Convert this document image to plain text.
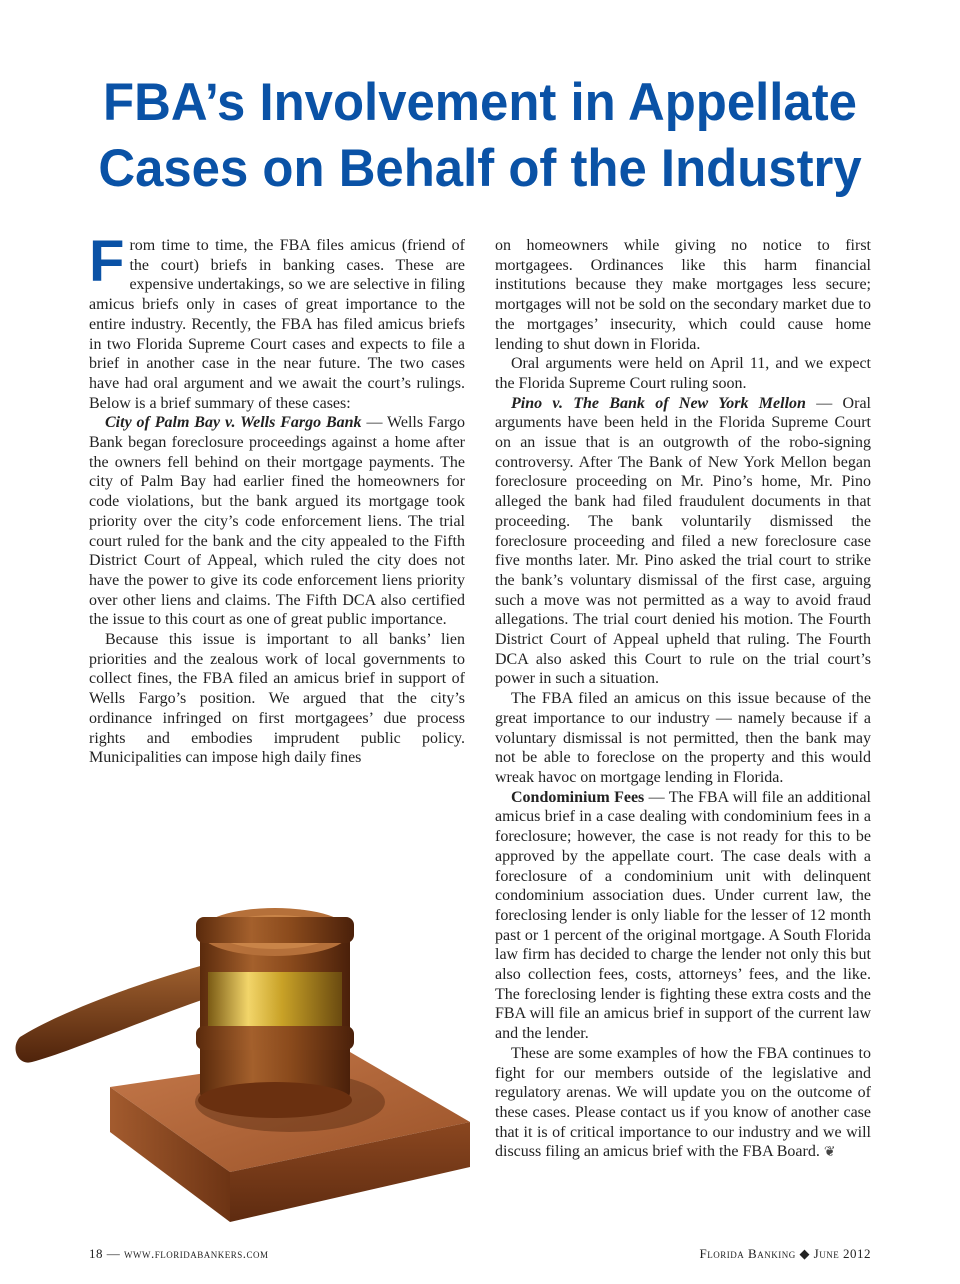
FBA’s Involvement in Appellate
Cases on Behalf of the Industry

From time to time, the FBA files amicus (friend of the court) briefs in banking cases. These are expensive undertakings, so we are selective in filing amicus briefs only in cases of great importance to the entire industry. Recently, the FBA has filed amicus briefs in two Florida Supreme Court cases and expects to file a brief in another case in the near future. The two cases have had oral argument and we await the court’s rulings. Below is a brief summary of these cases:

City of Palm Bay v. Wells Fargo Bank — Wells Fargo Bank began foreclosure proceedings against a home after the owners fell behind on their mortgage payments. The city of Palm Bay had earlier fined the homeowners for code violations, but the bank argued its mortgage took priority over the city’s code enforcement liens. The trial court ruled for the bank and the city appealed to the Fifth District Court of Appeal, which ruled the city does not have the power to give its code enforcement liens priority over other liens and claims. The Fifth DCA also certified the issue to this court as one of great public importance.

Because this issue is important to all banks’ lien priorities and the zealous work of local governments to collect fines, the FBA filed an amicus brief in support of Wells Fargo’s position. We argued that the city’s ordinance infringed on first mortgagees’ due process rights and embodies imprudent public policy. Municipalities can impose high daily fines

on homeowners while giving no notice to first mortgagees. Ordinances like this harm financial institutions because they make mortgages less secure; mortgages will not be sold on the secondary market due to the mortgages’ insecurity, which could cause home lending to shut down in Florida.

Oral arguments were held on April 11, and we expect the Florida Supreme Court ruling soon.

Pino v. The Bank of New York Mellon — Oral arguments have been held in the Florida Supreme Court on an issue that is an outgrowth of the robo-signing controversy. After The Bank of New York Mellon began foreclosure proceeding on Mr. Pino’s home, Mr. Pino alleged the bank had filed fraudulent documents in that proceeding. The bank voluntarily dismissed the foreclosure proceeding and filed a new foreclosure case five months later. Mr. Pino asked the trial court to strike the bank’s voluntary dismissal of the first case, arguing such a move was not permitted as a way to avoid fraud allegations. The trial court denied his motion. The Fourth District Court of Appeal upheld that ruling. The Fourth DCA also asked this Court to rule on the trial court’s power in such a situation.

The FBA filed an amicus on this issue because of the great importance to our industry — namely because if a voluntary dismissal is not permitted, then the bank may not be able to foreclose on the property and this would wreak havoc on mortgage lending in Florida.

Condominium Fees — The FBA will file an additional amicus brief in a case dealing with condominium fees in a foreclosure; however, the case is not ready for this to be approved by the appellate court. The case deals with a foreclosure of a condominium unit with delinquent condominium association dues. Under current law, the foreclosing lender is only liable for the lesser of 12 month past or 1 percent of the original mortgage. A South Florida law firm has decided to charge the lender not only this but also collection fees, costs, attorneys’ fees, and the like. The foreclosing lender is fighting these extra costs and the FBA will file an amicus brief in support of the current law and the lender.

These are some examples of how the FBA continues to fight for our members outside of the legislative and regulatory arenas. We will update you on the outcome of these cases. Please contact us if you know of another case that it is of critical importance to our industry and we will discuss filing an amicus brief with the FBA Board. ❦

18 — www.floridabankers.com	Florida Banking ◆ June 2012
